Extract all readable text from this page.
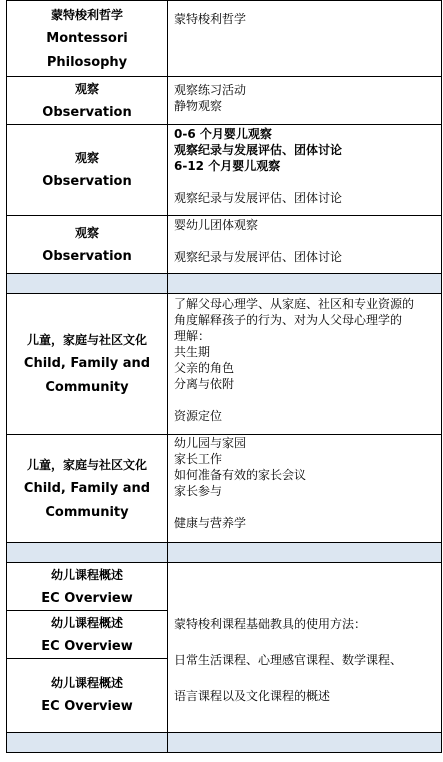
蒙特梭利哲学
Montessori
Philosophy
蒙特梭利哲学
观察
Observation
观察练习活动
静物观察
观察
Observation
0-6 个月婴儿观察
观察纪录与发展评估、团体讨论
6-12 个月婴儿观察
观察纪录与发展评估、团体讨论
观察
Observation
婴幼儿团体观察
观察纪录与发展评估、团体讨论
儿童，家庭与社区文化
Child, Family and
Community
了解父母心理学、从家庭、社区和专业资源的
角度解释孩子的行为、对为人父母心理学的
理解：
共生期
父亲的角色
分离与依附
资源定位
儿童，家庭与社区文化
Child, Family and
Community
幼儿园与家园
家长工作
如何准备有效的家长会议
家长参与
健康与营养学
幼儿课程概述
EC Overview
幼儿课程概述
EC Overview
幼儿课程概述
EC Overview
蒙特梭利课程基础教具的使用方法：
日常生活课程、心理感官课程、数学课程、
语言课程以及文化课程的概述
